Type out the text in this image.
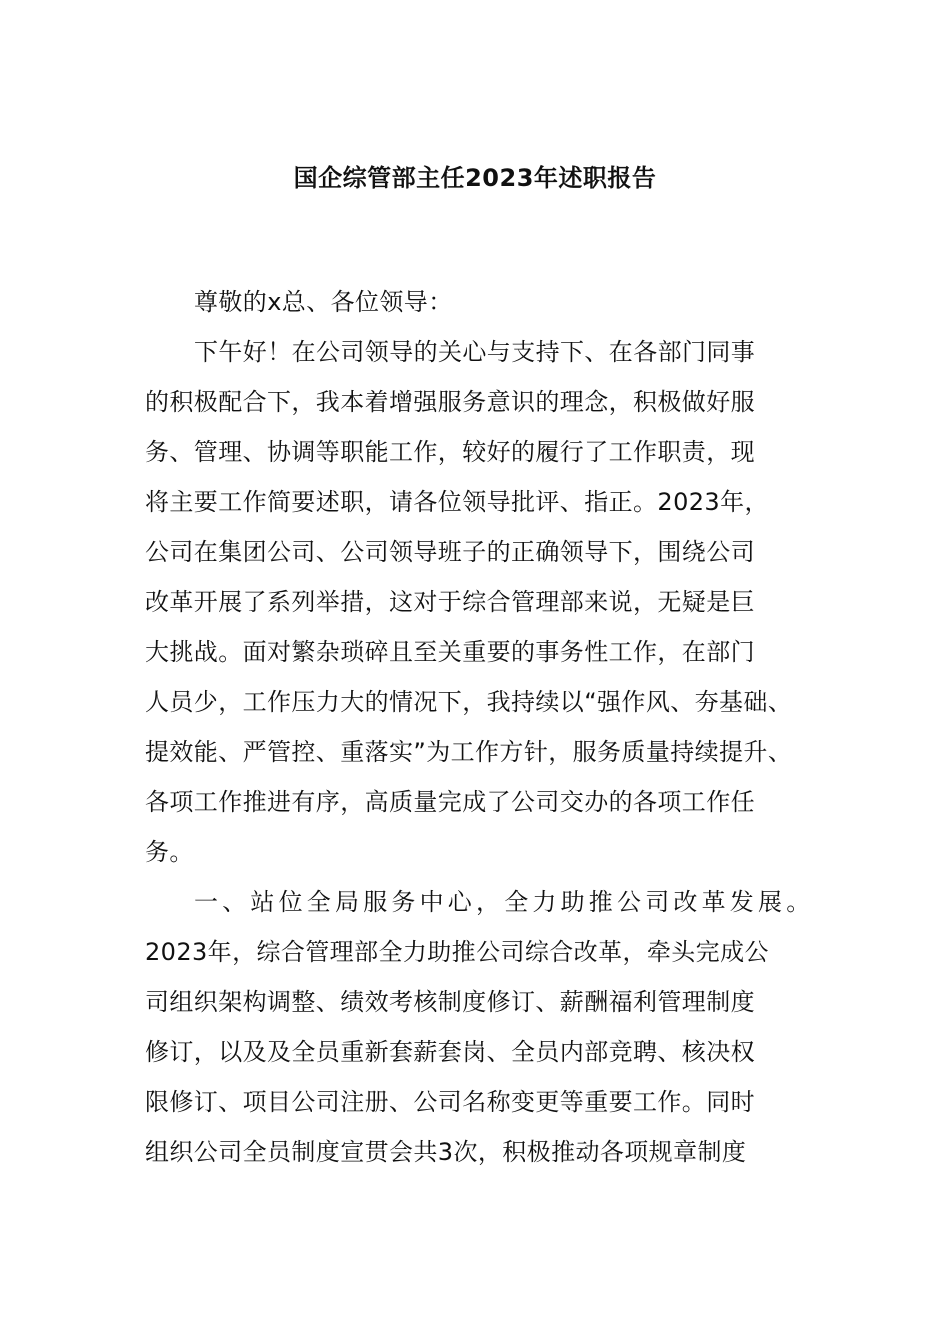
国企综管部主任2023年述职报告
尊敬的x总、各位领导：
下午好！在公司领导的关心与支持下、在各部门同事
的积极配合下，我本着增强服务意识的理念，积极做好服
务、管理、协调等职能工作，较好的履行了工作职责，现
将主要工作简要述职，请各位领导批评、指正。2023年，
公司在集团公司、公司领导班子的正确领导下，围绕公司
改革开展了系列举措，这对于综合管理部来说，无疑是巨
大挑战。面对繁杂琐碎且至关重要的事务性工作，在部门
人员少，工作压力大的情况下，我持续以“强作风、夯基础、
提效能、严管控、重落实”为工作方针，服务质量持续提升、
各项工作推进有序，高质量完成了公司交办的各项工作任
务。
一、站位全局服务中心，全力助推公司改革发展。
2023年，综合管理部全力助推公司综合改革，牵头完成公
司组织架构调整、绩效考核制度修订、薪酬福利管理制度
修订，以及及全员重新套薪套岗、全员内部竞聘、核决权
限修订、项目公司注册、公司名称变更等重要工作。同时
组织公司全员制度宣贯会共3次，积极推动各项规章制度
